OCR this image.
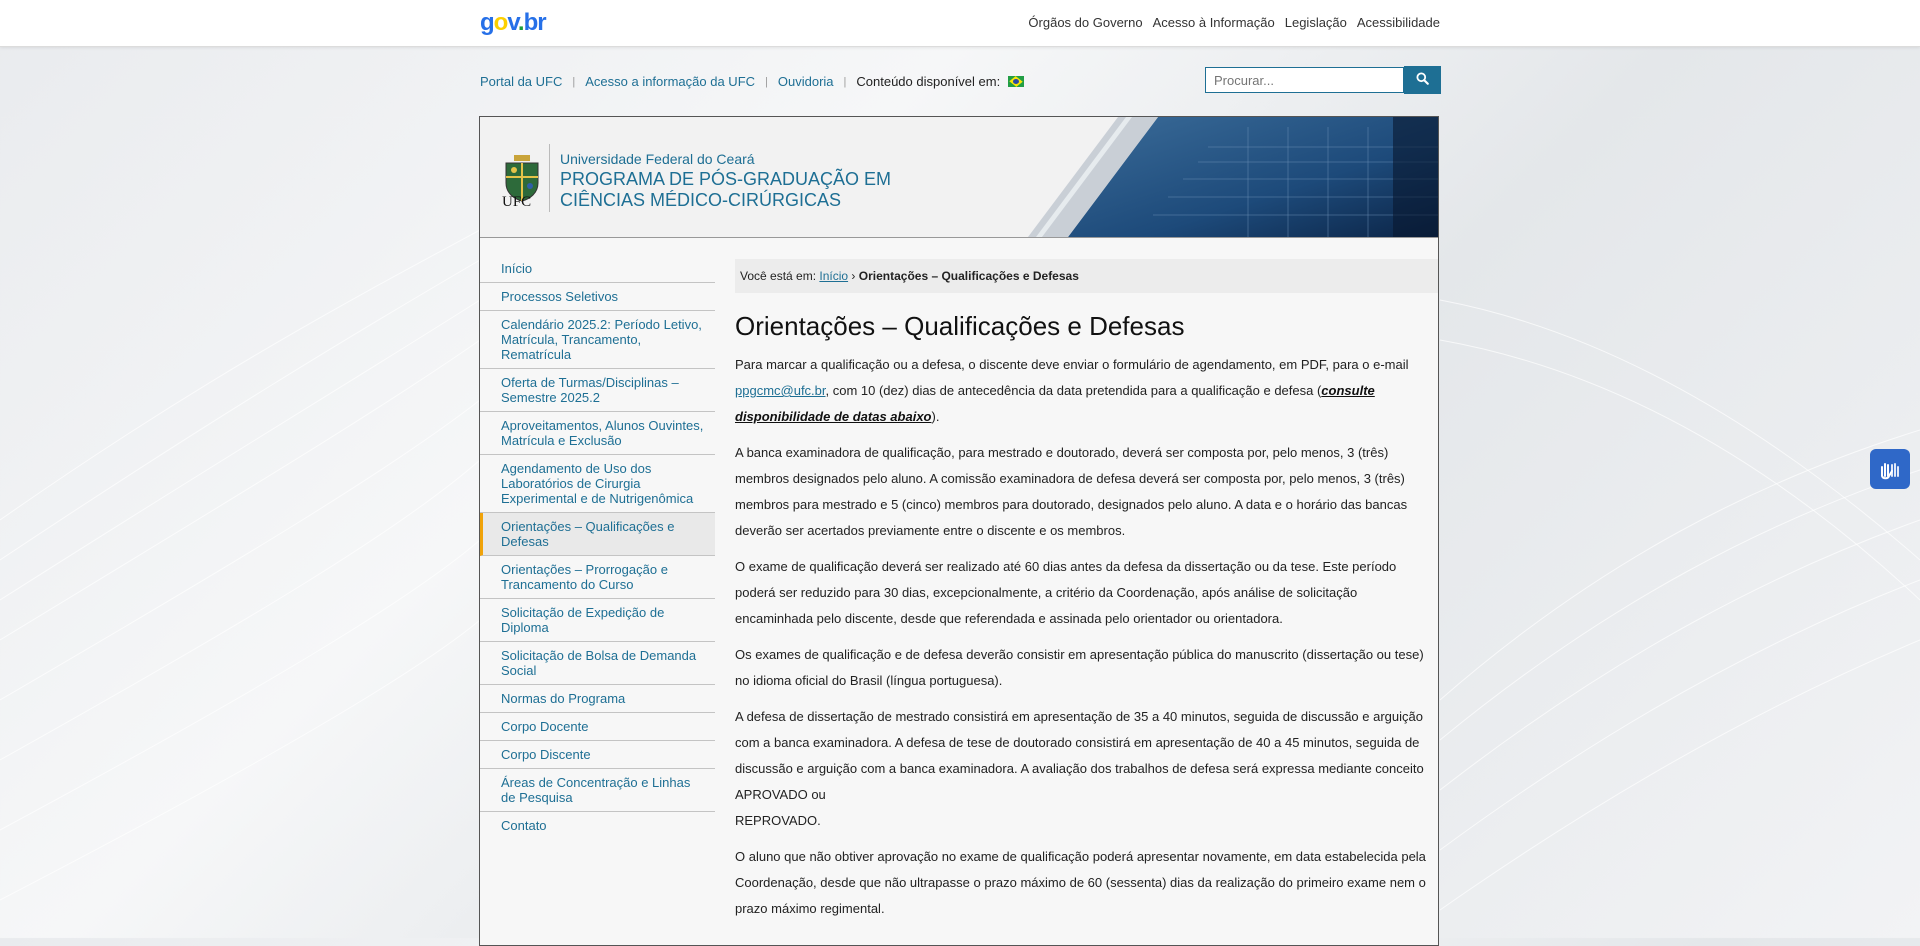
gov.br	Órgãos do Governo Acesso à Informação Legislação Acessibilidade
Portal da UFC | Acesso a informação da UFC | Ouvidoria | Conteúdo disponível em:
Procurar...
UFC
Universidade Federal do Ceará
PROGRAMA DE PÓS-GRADUAÇÃO EM
CIÊNCIAS MÉDICO-CIRÚRGICAS
Início
Processos Seletivos
Calendário 2025.2: Período Letivo, Matrícula, Trancamento, Rematrícula
Oferta de Turmas/Disciplinas – Semestre 2025.2
Aproveitamentos, Alunos Ouvintes, Matrícula e Exclusão
Agendamento de Uso dos Laboratórios de Cirurgia Experimental e de Nutrigenômica
Orientações – Qualificações e Defesas
Orientações – Prorrogação e Trancamento do Curso
Solicitação de Expedição de Diploma
Solicitação de Bolsa de Demanda Social
Normas do Programa
Corpo Docente
Corpo Discente
Áreas de Concentração e Linhas de Pesquisa
Contato
Você está em: Início › Orientações – Qualificações e Defesas
Orientações – Qualificações e Defesas

Para marcar a qualificação ou a defesa, o discente deve enviar o formulário de agendamento, em PDF, para o e-mail ppgcmc@ufc.br, com 10 (dez) dias de antecedência da data pretendida para a qualificação e defesa (consulte disponibilidade de datas abaixo).

A banca examinadora de qualificação, para mestrado e doutorado, deverá ser composta por, pelo menos, 3 (três) membros designados pelo aluno. A comissão examinadora de defesa deverá ser composta por, pelo menos, 3 (três) membros para mestrado e 5 (cinco) membros para doutorado, designados pelo aluno. A data e o horário das bancas deverão ser acertados previamente entre o discente e os membros.

O exame de qualificação deverá ser realizado até 60 dias antes da defesa da dissertação ou da tese. Este período poderá ser reduzido para 30 dias, excepcionalmente, a critério da Coordenação, após análise de solicitação encaminhada pelo discente, desde que referendada e assinada pelo orientador ou orientadora.

Os exames de qualificação e de defesa deverão consistir em apresentação pública do manuscrito (dissertação ou tese) no idioma oficial do Brasil (língua portuguesa).

A defesa de dissertação de mestrado consistirá em apresentação de 35 a 40 minutos, seguida de discussão e arguição com a banca examinadora. A defesa de tese de doutorado consistirá em apresentação de 40 a 45 minutos, seguida de discussão e arguição com a banca examinadora. A avaliação dos trabalhos de defesa será expressa mediante conceito APROVADO ou
REPROVADO.

O aluno que não obtiver aprovação no exame de qualificação poderá apresentar novamente, em data estabelecida pela Coordenação, desde que não ultrapasse o prazo máximo de 60 (sessenta) dias da realização do primeiro exame nem o prazo máximo regimental.
